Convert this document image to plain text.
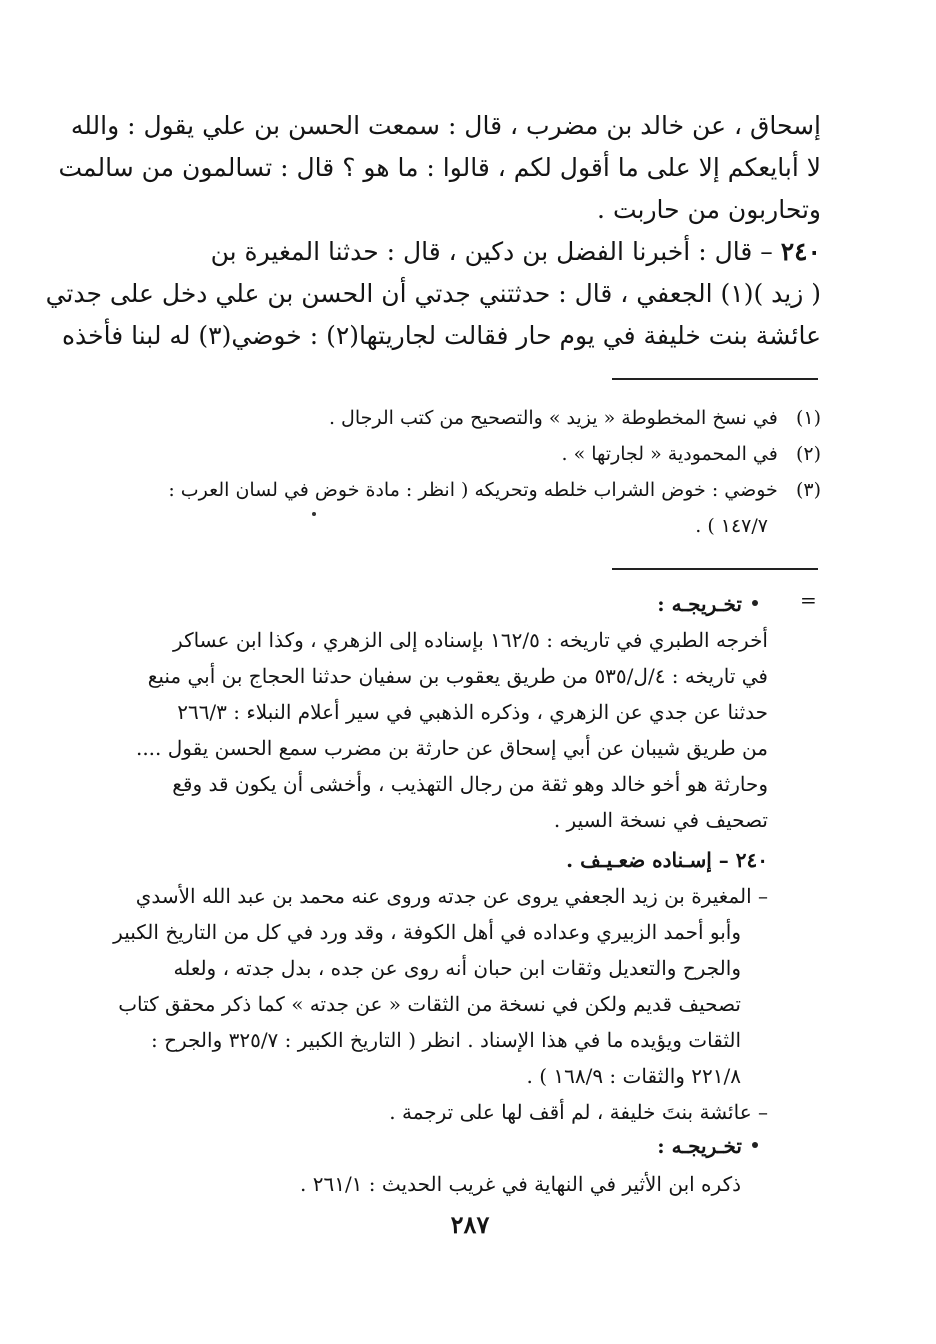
إسحاق ، عن خالد بن مضرب ، قال : سمعت الحسن بن علي يقول : والله
لا أبايعكم إلا على ما أقول لكم ، قالوا : ما هو ؟ قال : تسالمون من سالمت
وتحاربون من حاربت .
٢٤٠ – قال : أخبرنا الفضل بن دكين ، قال : حدثنا المغيرة بن
( زيد )(١) الجعفي ، قال : حدثتني جدتي أن الحسن بن علي دخل على جدتي
عائشة بنت خليفة في يوم حار فقالت لجاريتها(٢) : خوضي(٣) له لبنا فأخذه
(١)   في نسخ المخطوطة « يزيد » والتصحيح من كتب الرجال .
(٢)   في المحمودية « لجارتها » .
(٣)   خوضي : خوض الشراب خلطه وتحريكه ( انظر : مادة خوض في لسان العرب :
١٤٧/٧ ) .
=
تخـريجـه :
أخرجه الطبري في تاريخه : ١٦٢/٥ بإسناده إلى الزهري ، وكذا ابن عساكر
في تاريخه : ٤/ل/٥٣٥ من طريق يعقوب بن سفيان حدثنا الحجاج بن أبي منيع
حدثنا عن جدي عن الزهري ، وذكره الذهبي في سير أعلام النبلاء : ٢٦٦/٣
من طريق شيبان عن أبي إسحاق عن حارثة بن مضرب سمع الحسن يقول ....
وحارثة هو أخو خالد وهو ثقة من رجال التهذيب ، وأخشى أن يكون قد وقع
تصحيف في نسخة السير .
٢٤٠ – إسـناده ضعـيـف .
– المغيرة بن زيد الجعفي يروى عن جدته وروى عنه محمد بن عبد الله الأسدي
وأبو أحمد الزبيري وعداده في أهل الكوفة ، وقد ورد في كل من التاريخ الكبير
والجرح والتعديل وثقات ابن حبان أنه روى عن جده ، بدل جدته ، ولعله
تصحيف قديم ولكن في نسخة من الثقات « عن جدته » كما ذكر محقق كتاب
الثقات ويؤيده ما في هذا الإسناد . انظر ( التاريخ الكبير : ٣٢٥/٧ والجرح :
٢٢١/٨ والثقات : ١٦٨/٩ ) .
– عائشة بنتَ خليفة ، لم أقف لها على ترجمة .
تخـريجـه :
ذكره ابن الأثير في النهاية في غريب الحديث : ٢٦١/١ .
٢٨٧
